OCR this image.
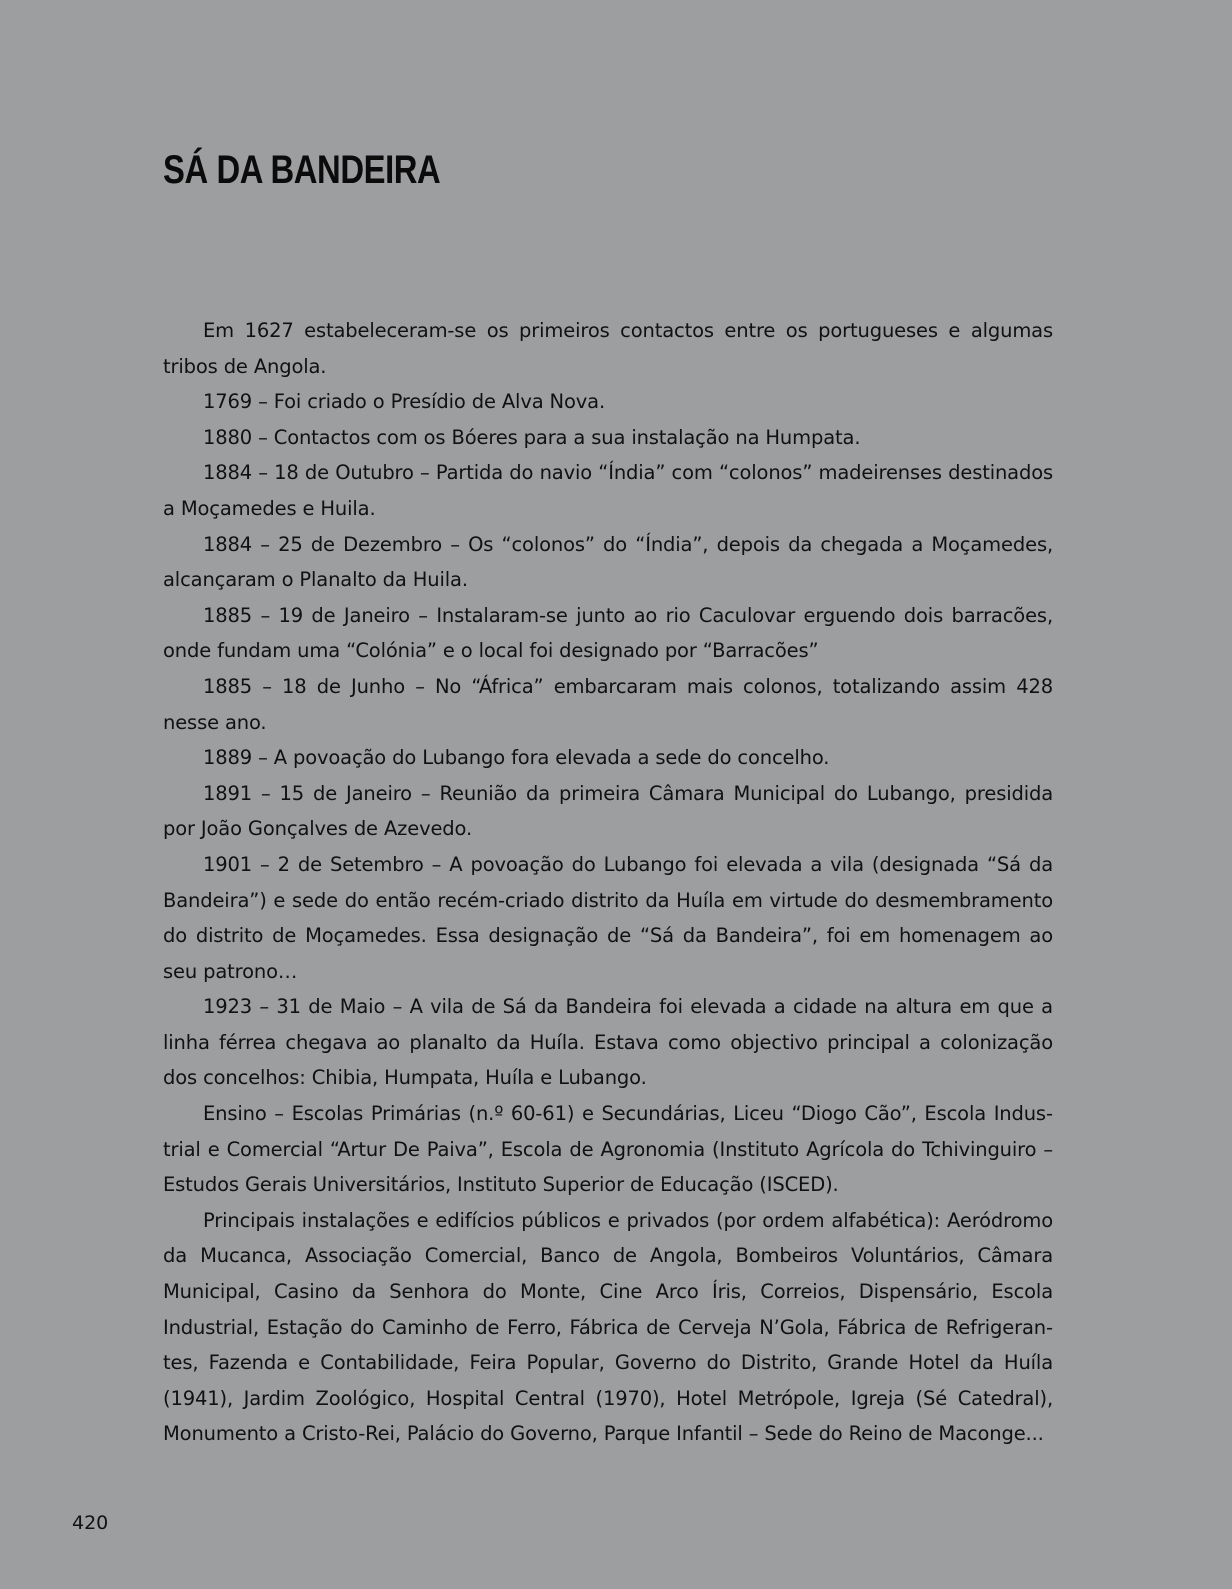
SÁ DA BANDEIRA

Em 1627 estabeleceram-se os primeiros contactos entre os portugueses e algumas tribos de Angola.

1769 – Foi criado o Presídio de Alva Nova.

1880 – Contactos com os Bóeres para a sua instalação na Humpata.

1884 – 18 de Outubro – Partida do navio “Índia” com “colonos” madeirenses destinados a Moçamedes e Huila.

1884 – 25 de Dezembro – Os “colonos” do “Índia”, depois da chegada a Moçamedes, alcançaram o Planalto da Huila.

1885 – 19 de Janeiro – Instalaram-se junto ao rio Caculovar erguendo dois barracões, onde fundam uma “Colónia” e o local foi designado por “Barracões”

1885 – 18 de Junho – No “África” embarcaram mais colonos, totalizando assim 428 nesse ano.

1889 – A povoação do Lubango fora elevada a sede do concelho.

1891 – 15 de Janeiro – Reunião da primeira Câmara Municipal do Lubango, presidida por João Gonçalves de Azevedo.

1901 – 2 de Setembro – A povoação do Lubango foi elevada a vila (designada “Sá da Bandeira”) e sede do então recém-criado distrito da Huíla em virtude do desmembramento do distrito de Moçamedes. Essa designação de “Sá da Bandeira”, foi em homenagem ao seu patrono…

1923 – 31 de Maio – A vila de Sá da Bandeira foi elevada a cidade na altura em que a linha férrea chegava ao planalto da Huíla. Estava como objectivo principal a colonização dos concelhos: Chibia, Humpata, Huíla e Lubango.

Ensino – Escolas Primárias (n.º 60-61) e Secundárias, Liceu “Diogo Cão”, Escola Industrial e Comercial “Artur De Paiva”, Escola de Agronomia (Instituto Agrícola do Tchivinguiro – Estudos Gerais Universitários, Instituto Superior de Educação (ISCED).

Principais instalações e edifícios públicos e privados (por ordem alfabética): Aeródromo da Mucanca, Associação Comercial, Banco de Angola, Bombeiros Voluntários, Câmara Municipal, Casino da Senhora do Monte, Cine Arco Íris, Correios, Dispensário, Escola Industrial, Estação do Caminho de Ferro, Fábrica de Cerveja N’Gola, Fábrica de Refrigerantes, Fazenda e Contabilidade, Feira Popular, Governo do Distrito, Grande Hotel da Huíla (1941), Jardim Zoológico, Hospital Central (1970), Hotel Metrópole, Igreja (Sé Catedral), Monumento a Cristo-Rei, Palácio do Governo, Parque Infantil – Sede do Reino de Maconge...

420
